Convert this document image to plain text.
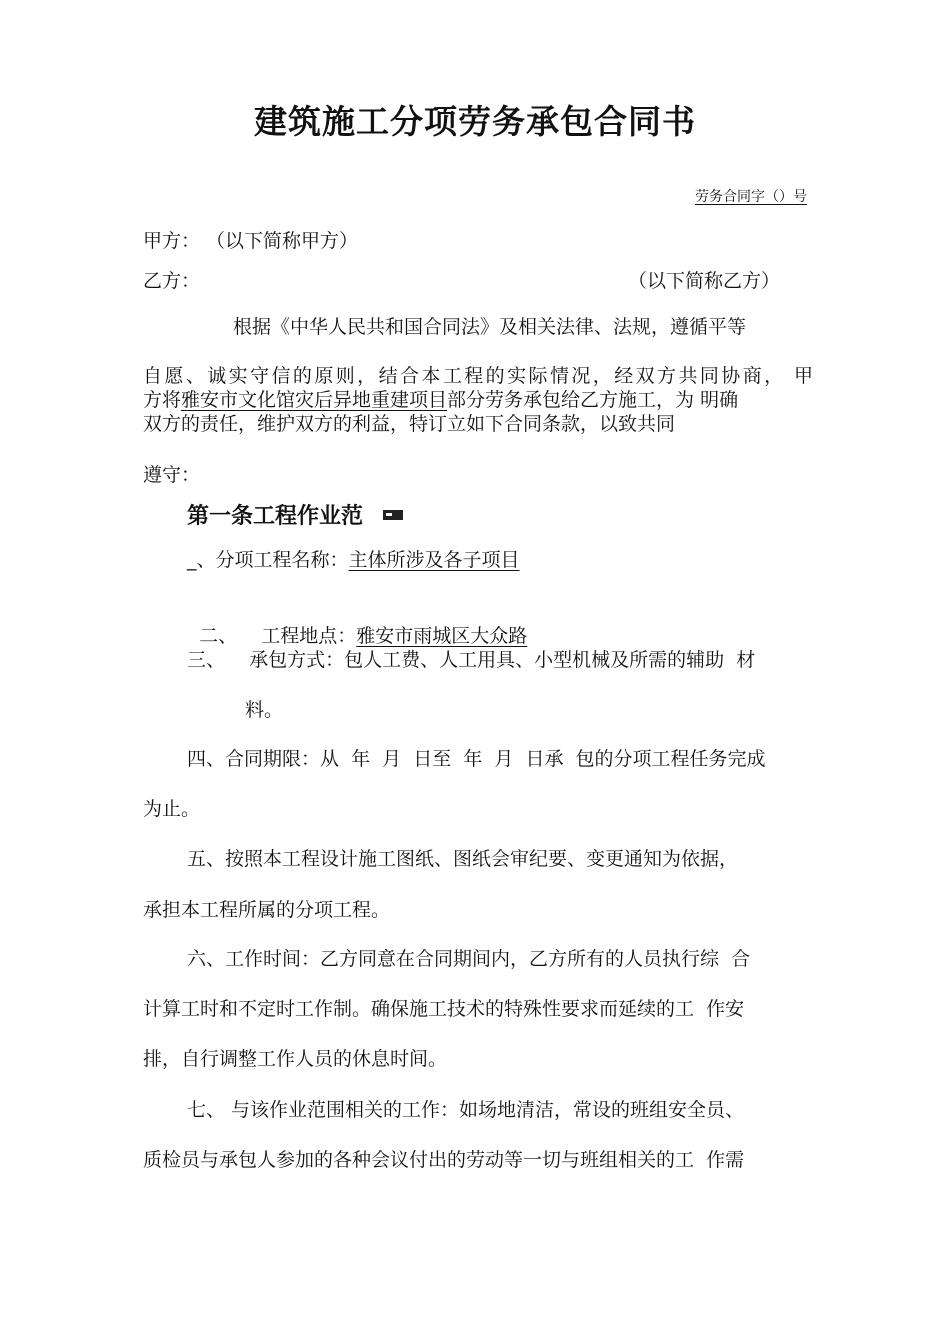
建筑施工分项劳务承包合同书
劳务合同字（）号
甲方： （以下简称甲方）
乙方：	（以下简称乙方）
根据《中华人民共和国合同法》及相关法律、法规，遵循平等
自愿、诚实守信的原则，结合本工程的实际情况，经双方共同协商， 甲
方将雅安市文化馆灾后异地重建项目部分劳务承包给乙方施工，为 明确
双方的责任，维护双方的利益，特订立如下合同条款，以致共同
遵守：
第一条工程作业范
_、分项工程名称：主体所涉及各子项目

二、    工程地点：雅安市雨城区大众路

三、    承包方式：包人工费、人工用具、小型机械及所需的辅助  材
料。
四、合同期限：从  年  月  日至  年  月  日承  包的分项工程任务完成
为止。
五、按照本工程设计施工图纸、图纸会审纪要、变更通知为依据，
承担本工程所属的分项工程。
六、工作时间：乙方同意在合同期间内，乙方所有的人员执行综  合
计算工时和不定时工作制。确保施工技术的特殊性要求而延续的工  作安
排，自行调整工作人员的休息时间。
七、 与该作业范围相关的工作：如场地清洁，常设的班组安全员、
质检员与承包人参加的各种会议付出的劳动等一切与班组相关的工  作需
